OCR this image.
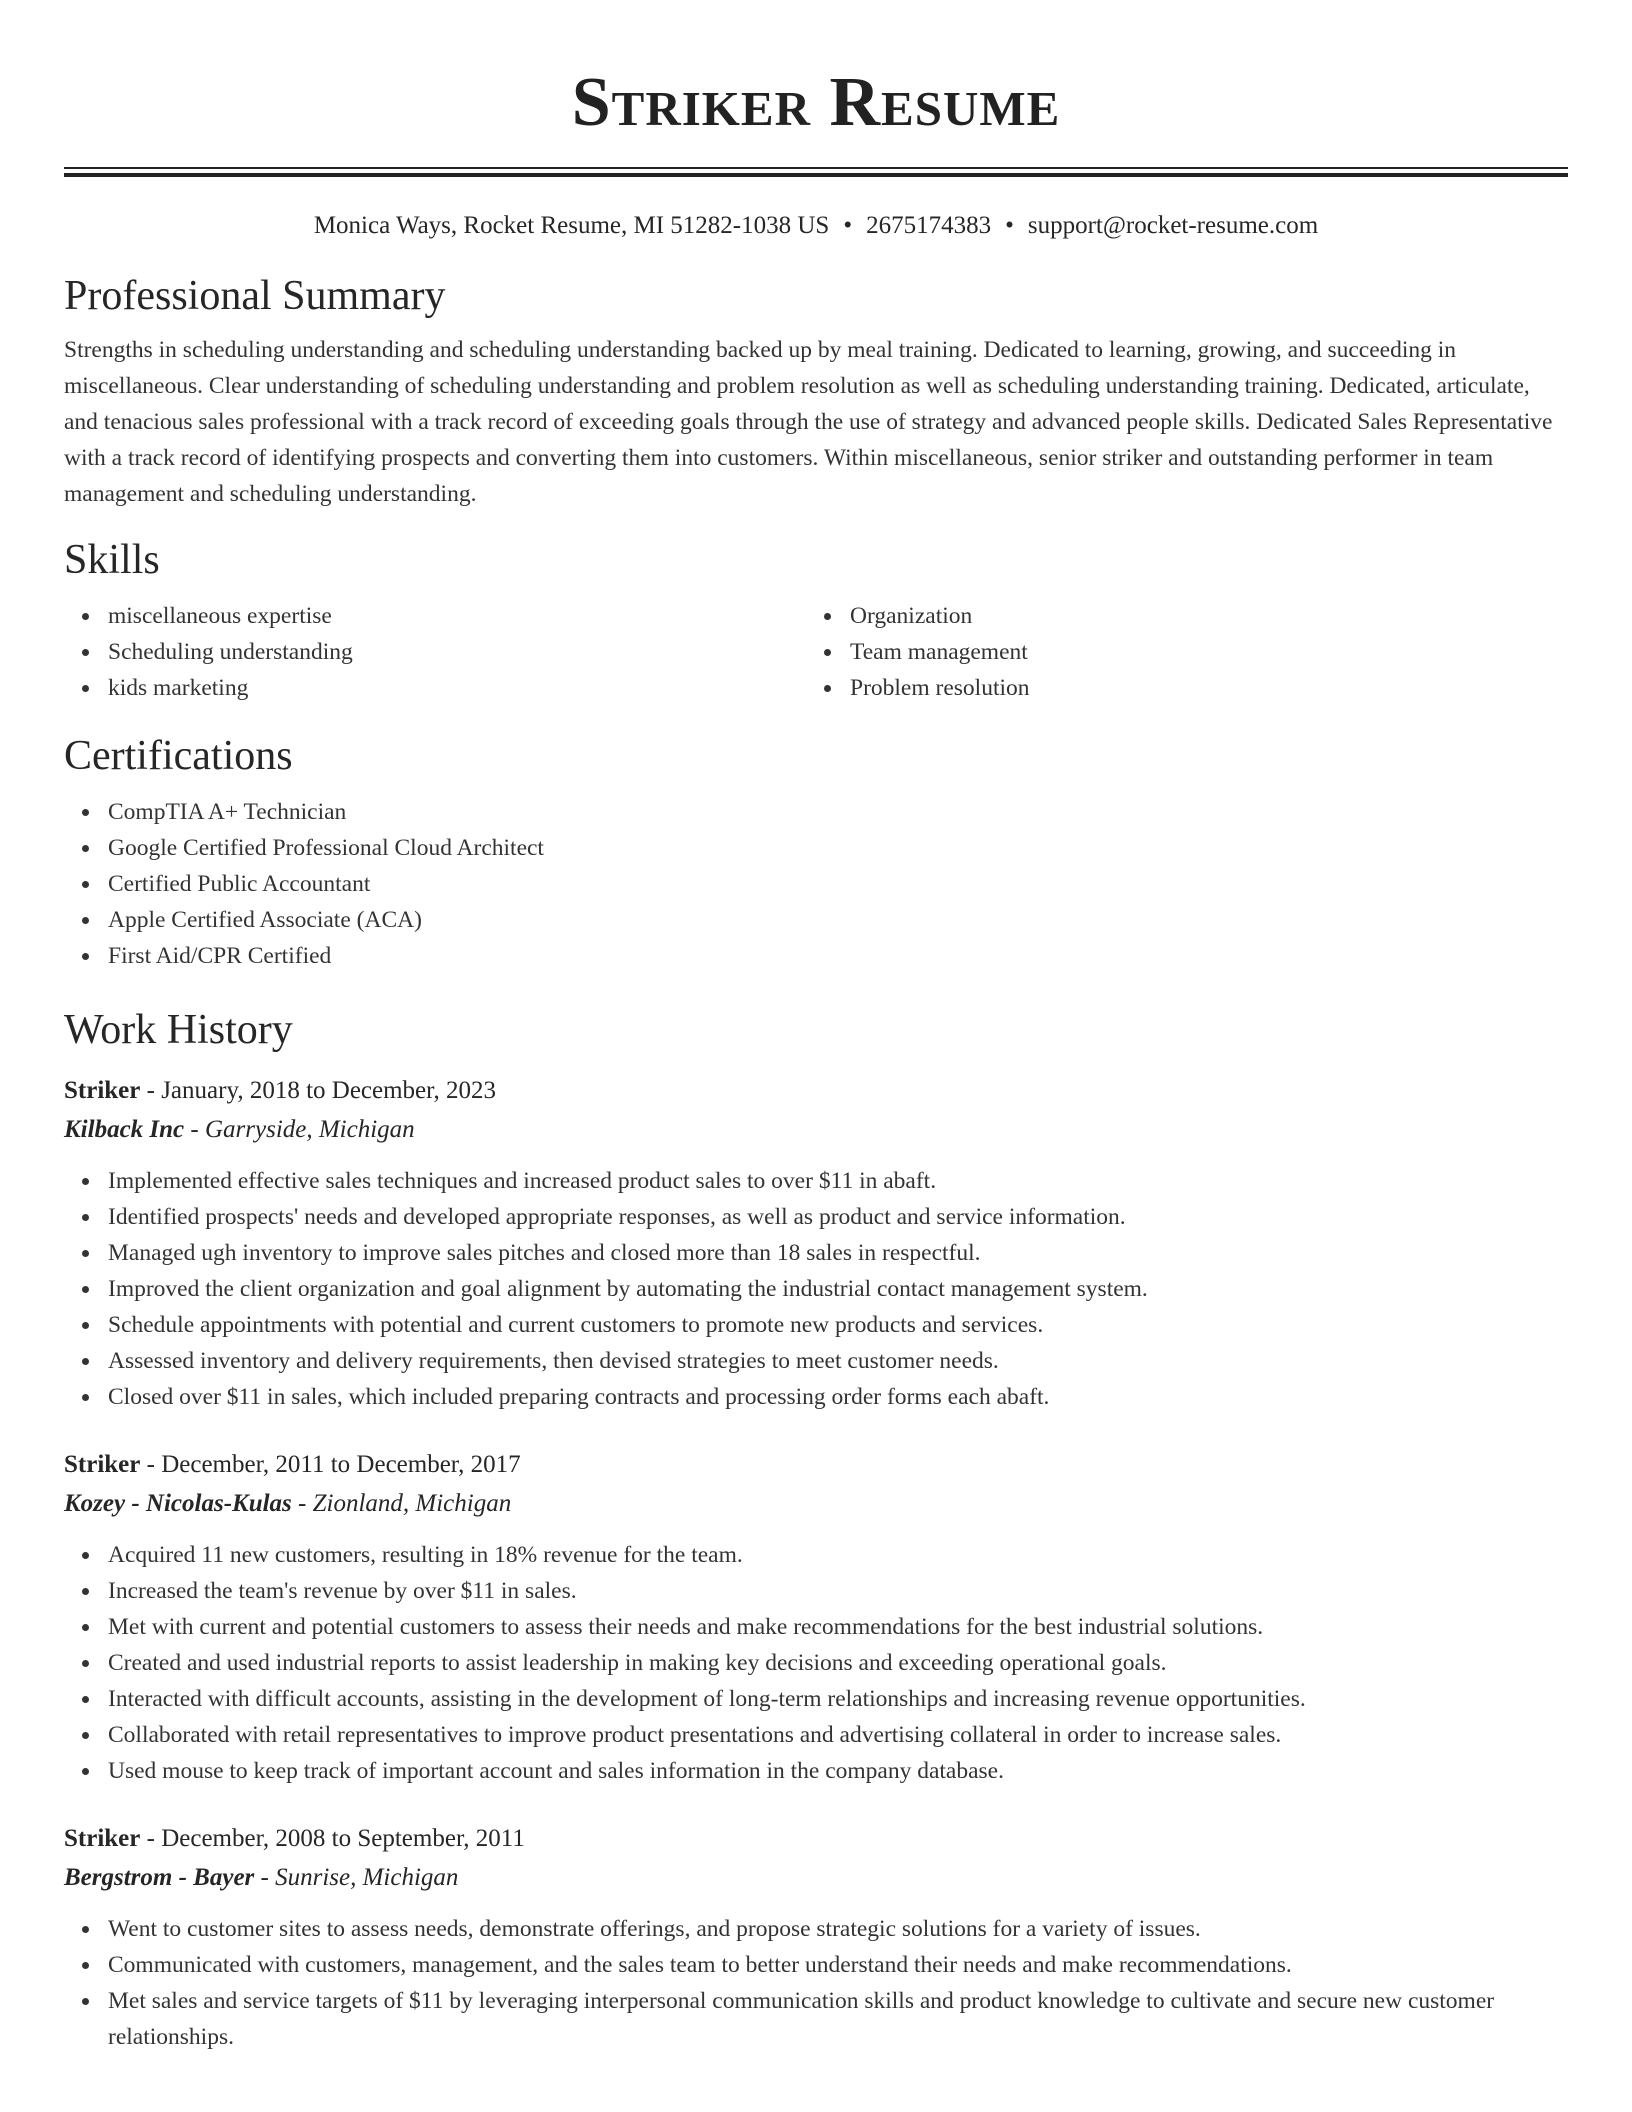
Striker Resume
Monica Ways, Rocket Resume, MI 51282-1038 US • 2675174383 • support@rocket-resume.com
Professional Summary
Strengths in scheduling understanding and scheduling understanding backed up by meal training. Dedicated to learning, growing, and succeeding in miscellaneous. Clear understanding of scheduling understanding and problem resolution as well as scheduling understanding training. Dedicated, articulate, and tenacious sales professional with a track record of exceeding goals through the use of strategy and advanced people skills. Dedicated Sales Representative with a track record of identifying prospects and converting them into customers. Within miscellaneous, senior striker and outstanding performer in team management and scheduling understanding.
Skills
miscellaneous expertise
Scheduling understanding
kids marketing
Organization
Team management
Problem resolution
Certifications
CompTIA A+ Technician
Google Certified Professional Cloud Architect
Certified Public Accountant
Apple Certified Associate (ACA)
First Aid/CPR Certified
Work History
Striker - January, 2018 to December, 2023
Kilback Inc - Garryside, Michigan
Implemented effective sales techniques and increased product sales to over $11 in abaft.
Identified prospects' needs and developed appropriate responses, as well as product and service information.
Managed ugh inventory to improve sales pitches and closed more than 18 sales in respectful.
Improved the client organization and goal alignment by automating the industrial contact management system.
Schedule appointments with potential and current customers to promote new products and services.
Assessed inventory and delivery requirements, then devised strategies to meet customer needs.
Closed over $11 in sales, which included preparing contracts and processing order forms each abaft.
Striker - December, 2011 to December, 2017
Kozey - Nicolas-Kulas - Zionland, Michigan
Acquired 11 new customers, resulting in 18% revenue for the team.
Increased the team's revenue by over $11 in sales.
Met with current and potential customers to assess their needs and make recommendations for the best industrial solutions.
Created and used industrial reports to assist leadership in making key decisions and exceeding operational goals.
Interacted with difficult accounts, assisting in the development of long-term relationships and increasing revenue opportunities.
Collaborated with retail representatives to improve product presentations and advertising collateral in order to increase sales.
Used mouse to keep track of important account and sales information in the company database.
Striker - December, 2008 to September, 2011
Bergstrom - Bayer - Sunrise, Michigan
Went to customer sites to assess needs, demonstrate offerings, and propose strategic solutions for a variety of issues.
Communicated with customers, management, and the sales team to better understand their needs and make recommendations.
Met sales and service targets of $11 by leveraging interpersonal communication skills and product knowledge to cultivate and secure new customer relationships.
